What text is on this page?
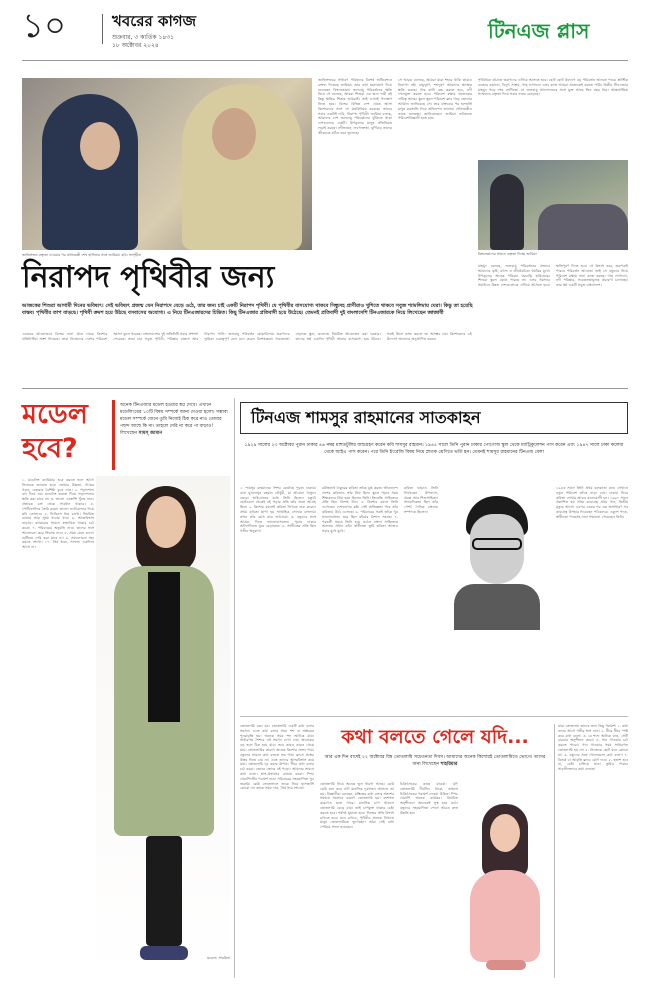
১০	খবরের কাগজ
শুক্রবার, ৩ কার্তিক ১৪৩১
১৮ অক্টোবর ২০২৪
টিনএজ প্লাস
জাতিসংঘে বক্তৃতা দেওয়ার পর প্রধানমন্ত্রী শেখ হাসিনার সঙ্গে জারিয়া। ছবি: সংগৃহীত
জাতিসংঘের সাধারণ পরিষদের বিশেষ অধিবেশনে বক্তব্য দিয়েছে জারিয়া। তার কথা মনোযোগ দিয়ে শুনেছেন বিশ্বনেতারা। জলবায়ু পরিবর্তনের ক্ষতি নিয়ে সে বলেছে, আমরা শিশুরা এর জন্য দায়ী নই কিন্তু ক্ষতির শিকার আমরাই। তাই এখনই পদক্ষেপ নিতে হবে। বিশ্বের বিভিন্ন দেশ থেকে আসা কিশোরদের সঙ্গে সে মতবিনিময় করেছে। তাদের সবার একটাই দাবি, নিরাপদ পৃথিবী। জারিয়া বলছে, আমাদের দেশ জলবায়ু পরিবর্তনের ঝুঁকিতে থাকা দেশগুলোর একটি। উপকূলের মানুষ প্রতিনিয়ত লড়াই করছে। নদীভাঙন, লবণাক্ততা, ঘূর্ণিঝড় তাদের জীবনকে কঠিন করে তুলেছে।
সে আরও বলেছে, আমরা যারা শহরে থাকি তারাও নিরাপদ নই। বায়ুদূষণ, শব্দদূষণ আমাদের স্বাস্থ্যের ক্ষতি করছে। গাছ কাটা বন্ধ করতে হবে, নদী দখলমুক্ত করতে হবে। পরিবেশ রক্ষায় প্রত্যেকের দায়িত্ব আছে। স্কুলে স্কুলে পরিবেশ ক্লাব গড়ে তোলার আহ্বান জানিয়েছে সে। তার বক্তব্যের পর হলভর্তি মানুষ করতালি দিয়ে অভিনন্দন জানায়। প্রধানমন্ত্রীও তাকে শুভেচ্ছা জানিয়েছেন। জারিয়া ভবিষ্যতে পরিবেশবিজ্ঞানী হতে চায়।
পৃথিবীকে বাঁচাতে তরুণদের এগিয়ে আসতে হবে। ছোট ছোট উদ্যোগ বড় পরিবর্তন আনতে পারে। প্লাস্টিক ব্যবহার কমানো, বিদ্যুৎ সাশ্রয়, গাছ লাগানো এসব কাজ আমরা প্রত্যেকেই করতে পারি। দ্বিতীয় টিনএজার মাহমুদ পড়ে দশম শ্রেণিতে। সে জলবায়ু আন্দোলনের সঙ্গে যুক্ত আছে তিন বছর ধরে। আন্তর্জাতিক সম্মেলনে বক্তৃতা দিয়ে সবার নজর কেড়েছে।
বিশ্বনেতাদের সামনে বক্তৃতা দিচ্ছে জারিয়া
নিরাপদ পৃথিবীর জন্য
আজকের শিশুরা আগামী দিনের ভবিষ্যৎ। সেই ভবিষ্যৎ প্রজন্ম যেন নিরাপদে বেড়ে ওঠে, তার জন্য চাই একটি নিরাপদ পৃথিবী। যে পৃথিবীর বাসযোগ্য থাকবে সিন্ধুসহ প্রাণীরাও খুশিতে থাকবে সবুজ শ্যামলিমায় ঘেরা। কিন্তু তা হয়েছি বাস্তব। পৃথিবীর তাপ বাড়ছে। পৃথিবী ক্রমশ হয়ে উঠছে বসবাসের অযোগ্য। এ নিয়ে টিনএজারদের চিন্তিত। কিছু টিনএজার প্রতিবাদী হয়ে উঠেছে। তেমনই প্রতিবাদী দুই বাংলাদেশি টিনএজারকে নিয়ে লিখেছেন জাজাবী
এবারের আয়োজনে বিশ্বের নানা প্রান্ত থেকে কিশোর প্রতিনিধিরা অংশ নিয়েছে। তারা নিজেদের দেশের পরিবেশ সমস্যা তুলে ধরেছে। বাংলাদেশের দুই প্রতিনিধি সবার প্রশংসা পেয়েছে। তারা চায় সবুজ পৃথিবী, পরিষ্কার বাতাস আর নিরাপদ পানি। জলবায়ু পরিবর্তন মোকাবিলায় তরুণদের ভূমিকা গুরুত্বপূর্ণ বলে মনে করেন বিশেষজ্ঞরা। সচেতনতা বাড়াতে স্কুল, কলেজে নিয়মিত আয়োজন করা দরকার। তাদের স্বপ্ন একদিন পৃথিবী আবার বাসযোগ্য হয়ে উঠবে। সবাই মিলে কাজ করলে তা অসম্ভব নয়। কিশোরদের এই উদ্যোগ অন্যদের অনুপ্রাণিত করবে।
মাহমুদ বলেছে, জলবায়ু পরিবর্তনের প্রভাবে আমাদের কৃষি, মৎস্য ও জীববৈচিত্র্য হুমকির মুখে। উপকূলের অনেক পরিবার ঘরবাড়ি হারিয়েছে। শিশুরা স্কুলে যেতে পারছে না। এসব সমস্যার সমাধানে উন্নত দেশগুলোকে এগিয়ে আসতে হবে। ক্ষতিপূরণ দিতে হবে। সে বিশ্বাস করে, তরুণরাই পারবে পরিবর্তন আনতে। তাই সে বন্ধুদের নিয়ে পরিবেশ রক্ষায় নানা কাজ করছে। গাছ লাগানো, নদী পরিষ্কার, সচেতনতামূলক প্রচারণা চালাচ্ছে। তার স্বপ্ন একটি সবুজ বাংলাদেশ।
মডেল হবে?
অনেক টিনএজার মডেল হওয়ার স্বপ্ন দেখে। এখানে মডেলিংয়ের ১০টি বিষয় সম্পর্কে জানা দেওয়া হলো। সম্ভাব্য মডেল সম্পর্কে জেনে তুমি নিজেই ঠিক করে নাও তোমার পছন্দ আছে কি না। তাহলে দেরি না করে পা বাড়াও! লিখেছেন সামস্ জামান
১. মডেলিং ক্যারিয়ার শুরু করতে হলে আগে নিজেকে জানতে হবে। তোমার উচ্চতা, গায়ের গড়ন, চেহারার বৈশিষ্ট্য বুঝে নাও। ২. পড়াশোনা বাদ দিয়ে নয়। মডেলিং করতে গিয়ে পড়াশোনার ক্ষতি করা যাবে না। ৩. ভালো এজেন্সি খুঁজে নাও। প্রতারক চক্র থেকে সাবধান থাকবে। ৪. পোর্টফোলিও তৈরি করো। ভালো ফটোগ্রাফার দিয়ে ছবি তোলাও। ৫. ফিটনেস ধরে রাখো। নিয়মিত ব্যায়াম আর সুষম খাবার খাও। ৬. আত্মবিশ্বাস বাড়াও। ক্যামেরার সামনে স্বাভাবিক থাকার চর্চা করো। ৭. পরিবারের অনুমতি নাও। তাদের সঙ্গে আলোচনা করে সিদ্ধান্ত নাও। ৮. সময় মেনে চলো। শুটিংয়ে দেরি করা যাবে না। ৯. সমালোচনা সহ্য করতে শেখো। ১০. ধৈর্য ধরো, সাফল্য একদিনে আসে না।
মডেল: সাবরিনা
টিনএজ শামসুর রাহমানের সাতকাহন
১৯২৯ সালের ২৩ অক্টোবর পুরান ঢাকার ৪৬ নম্বর মাহুতটুলির জন্মগ্রহণ করেন কবি শামসুর রাহমান। ১৯৪৫ সালে তিনি পুরান ঢাকার পোগোজ স্কুল থেকে ম্যাট্রিকুলেশন পাস করেন এবং ১৯৪৭ সালে ঢাকা কলেজ থেকে আইএ পাস করেন। পরে তিনি ইংরেজি বিষয় নিয়ে স্নাতক শ্রেণিতে ভর্তি হন। তেমনই শামসুর রাহমানের টিনএজ বেলা
১. শামসুর রাহমানের শৈশব কেটেছে পুরান ঢাকায়। বাবা মুখলেসুর রহমান চৌধুরী, মা আমেনা খাতুন। তেরো ভাইবোনের মধ্যে তিনি ছিলেন চতুর্থ। ছোটবেলা থেকেই বই পড়ার প্রতি তাঁর প্রবল আগ্রহ ছিল। ২. কিশোর বয়সেই কবিতা লিখতে শুরু করেন। প্রথম কবিতা ছাপা হয় সাপ্তাহিক সোনার বাংলায়। তখন তাঁর বয়স মাত্র আঠারো। ৩. বন্ধুদের সঙ্গে আড্ডা দিতে ভালোবাসতেন। পুরান ঢাকার অলিগলিতে ঘুরে বেড়াতেন। ৪. সংগীতের প্রতি ছিল গভীর অনুরাগ।
রবীন্দ্রনাথ ঠাকুরের কবিতা তাঁকে মুগ্ধ করত। জীবনানন্দ দাশের কবিতাও তাঁর প্রিয় ছিল। স্কুলে পড়ার সময় শিক্ষকদের প্রিয় ছাত্র ছিলেন তিনি। ইংরেজি সাহিত্যের প্রতি ছিল বিশেষ টান। ৫. কিশোর বয়সে তিনি দেখেছেন দেশভাগের কষ্ট। সেই অভিজ্ঞতা পরে তাঁর কবিতায় উঠে এসেছে। ৬. পরিবারের সবাই তাঁকে খুব ভালোবাসত। ঘরে ছিল বইয়ের বিশাল সংগ্রহ। ৭. পরবর্তী সময়ে তিনি হয়ে ওঠেন বাংলা সাহিত্যের অন্যতম প্রধান কবি। স্বাধীনতা তুমি কবিতা আজও সবার মুখে মুখে।
কবিতা ছাড়াও তিনি লিখেছেন উপন্যাস, প্রবন্ধ আর শিশুসাহিত্য। সাংবাদিকতা ছিল তাঁর পেশা। দৈনিক বাংলার সম্পাদক ছিলেন।
১৯৪৩ সালে তিনি প্রথম কলকাতা যান। সেখানে নতুন পরিবেশ তাঁকে নাড়া দেয়। ঢাকায় ফিরে কবিতা লেখায় আরও মনোযোগী হন। ১৯৬০ সালে প্রকাশিত হয় প্রথম কাব্যগ্রন্থ প্রথম গান, দ্বিতীয় মৃত্যুর আগে। এরপর একের পর এক অসাধারণ সব কাব্যগ্রন্থ উপহার দিয়েছেন পাঠকদের। একুশে পদক, স্বাধীনতা পদকসহ নানা সম্মাননা পেয়েছেন তিনি।
তোতলামি কেন হয়: তোতলামি একটি কথা বলার সমস্যা। এতে কথা বলার সময় শব্দ বা অক্ষরের পুনরাবৃত্তি হয়। অনেক সময় শব্দ আটকে যায়। সাধারণত শৈশবে এই সমস্যা দেখা দেয়। অনেকের বড় হলে ঠিক হয়ে যায়। তবে কারও কারও থেকে যায়। তোতলামির কারণে অনেক কিশোর লজ্জা পায়। বন্ধুদের সামনে কথা বলতে ভয় পায়। ক্লাসে প্রশ্নের উত্তর দিতে চায় না। এতে তাদের আত্মবিশ্বাস কমে যায়। তোতলামি দূর করার উপায়: ধীরে কথা বলার চর্চা করো। জোরে জোরে বই পড়ো। আয়নার সামনে কথা বলো। শ্বাস-প্রশ্বাসের ব্যায়াম করো। স্পিচ থেরাপিস্টের পরামর্শ নাও। পরিবারের সহযোগিতা খুব জরুরি। কেউ তোতলালে তাকে নিয়ে হাসাহাসি কোরো না। তাকে সময় দাও, ধৈর্য ধরে শোনো।
কথা বলতে গেলে যদি...
আর এক দিন বাদেই ২২ অক্টোবর বিশ্ব তোতলামি সচেতনতা দিবস। আমাদের অনেক কিশোরই তোতলামিতে ভোগে। তাদের জন্য লিখেছেন শাহরিয়ার
তোতলামি নিয়ে অনেক ভুল ধারণা আছে। কেউ কেউ মনে করে এটা মানসিক দুর্বলতা। আসলে তা নয়। বিজ্ঞানীরা বলছেন, মস্তিষ্কের কথা বলার অংশের সমন্বয়ে সমস্যার কারণে তোতলামি হয়। বংশগত কারণেও হতে পারে। মানসিক চাপ থাকলে তোতলামি বেড়ে যায়। তাই চাপমুক্ত থাকার চেষ্টা করতে হবে। পর্যাপ্ত ঘুমাতে হবে। নিজের প্রতি বিশ্বাস রাখতে হবে। মনে রাখবে, পৃথিবীর অনেক বিখ্যাত মানুষ তোতলামিতে ভুগেছেন। তাঁরা সেই বাধা পেরিয়ে সফল হয়েছেন।
চিকিৎসকের কাছে যাওয়া: যদি তোতলামি দীর্ঘদিন থাকে, তাহলে চিকিৎসকের পরামর্শ নেওয়া উচিত। স্পিচ থেরাপি অনেক কার্যকর। নিয়মিত অনুশীলনে অনেকেই সুস্থ হয়ে ওঠে। বন্ধুদের সহযোগিতা পেলে আরও দ্রুত উন্নতি হয়।
যারা তোতলায় তাদের জন্য কিছু পরামর্শ: ১. কথা বলার আগে গভীর শ্বাস নাও। ২. ধীরে ধীরে স্পষ্ট করে কথা বলো। ৩. যে শব্দে আটকে যাও, সেটি বারবার অনুশীলন করো। ৪. গান গাওয়ার চর্চা করতে পারো। গান গাওয়ার সময় সাধারণত তোতলামি হয় না। ৫. নিজেকে ছোট মনে কোরো না। ৬. বন্ধুদের সঙ্গে খোলামেলা কথা বলো। ৭. বিতর্ক বা আবৃত্তি ক্লাবে যোগ দাও। ৮. হতাশ হবে না, চেষ্টা চালিয়ে যাও। তুমিও পারবে সাবলীলভাবে কথা বলতে।
